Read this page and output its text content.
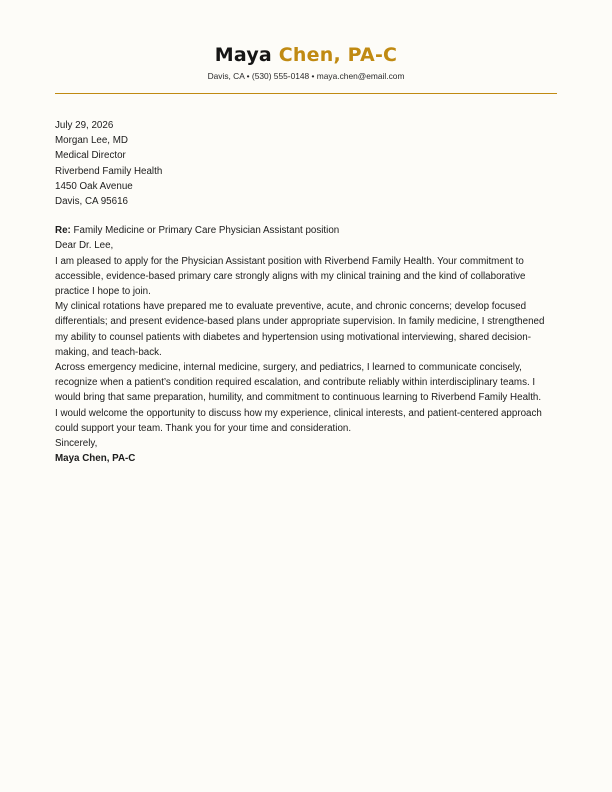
Maya Chen, PA-C
Davis, CA • (530) 555-0148 • maya.chen@email.com

July 29, 2026

Morgan Lee, MD

Medical Director

Riverbend Family Health

1450 Oak Avenue

Davis, CA 95616

Re: Family Medicine or Primary Care Physician Assistant position

Dear Dr. Lee,

I am pleased to apply for the Physician Assistant position with Riverbend Family Health. Your commitment to accessible, evidence-based primary care strongly aligns with my clinical training and the kind of collaborative practice I hope to join.

My clinical rotations have prepared me to evaluate preventive, acute, and chronic concerns; develop focused differentials; and present evidence-based plans under appropriate supervision. In family medicine, I strengthened my ability to counsel patients with diabetes and hypertension using motivational interviewing, shared decision-making, and teach-back.

Across emergency medicine, internal medicine, surgery, and pediatrics, I learned to communicate concisely, recognize when a patient’s condition required escalation, and contribute reliably within interdisciplinary teams. I would bring that same preparation, humility, and commitment to continuous learning to Riverbend Family Health.

I would welcome the opportunity to discuss how my experience, clinical interests, and patient-centered approach could support your team. Thank you for your time and consideration.

Sincerely,

Maya Chen, PA-C
